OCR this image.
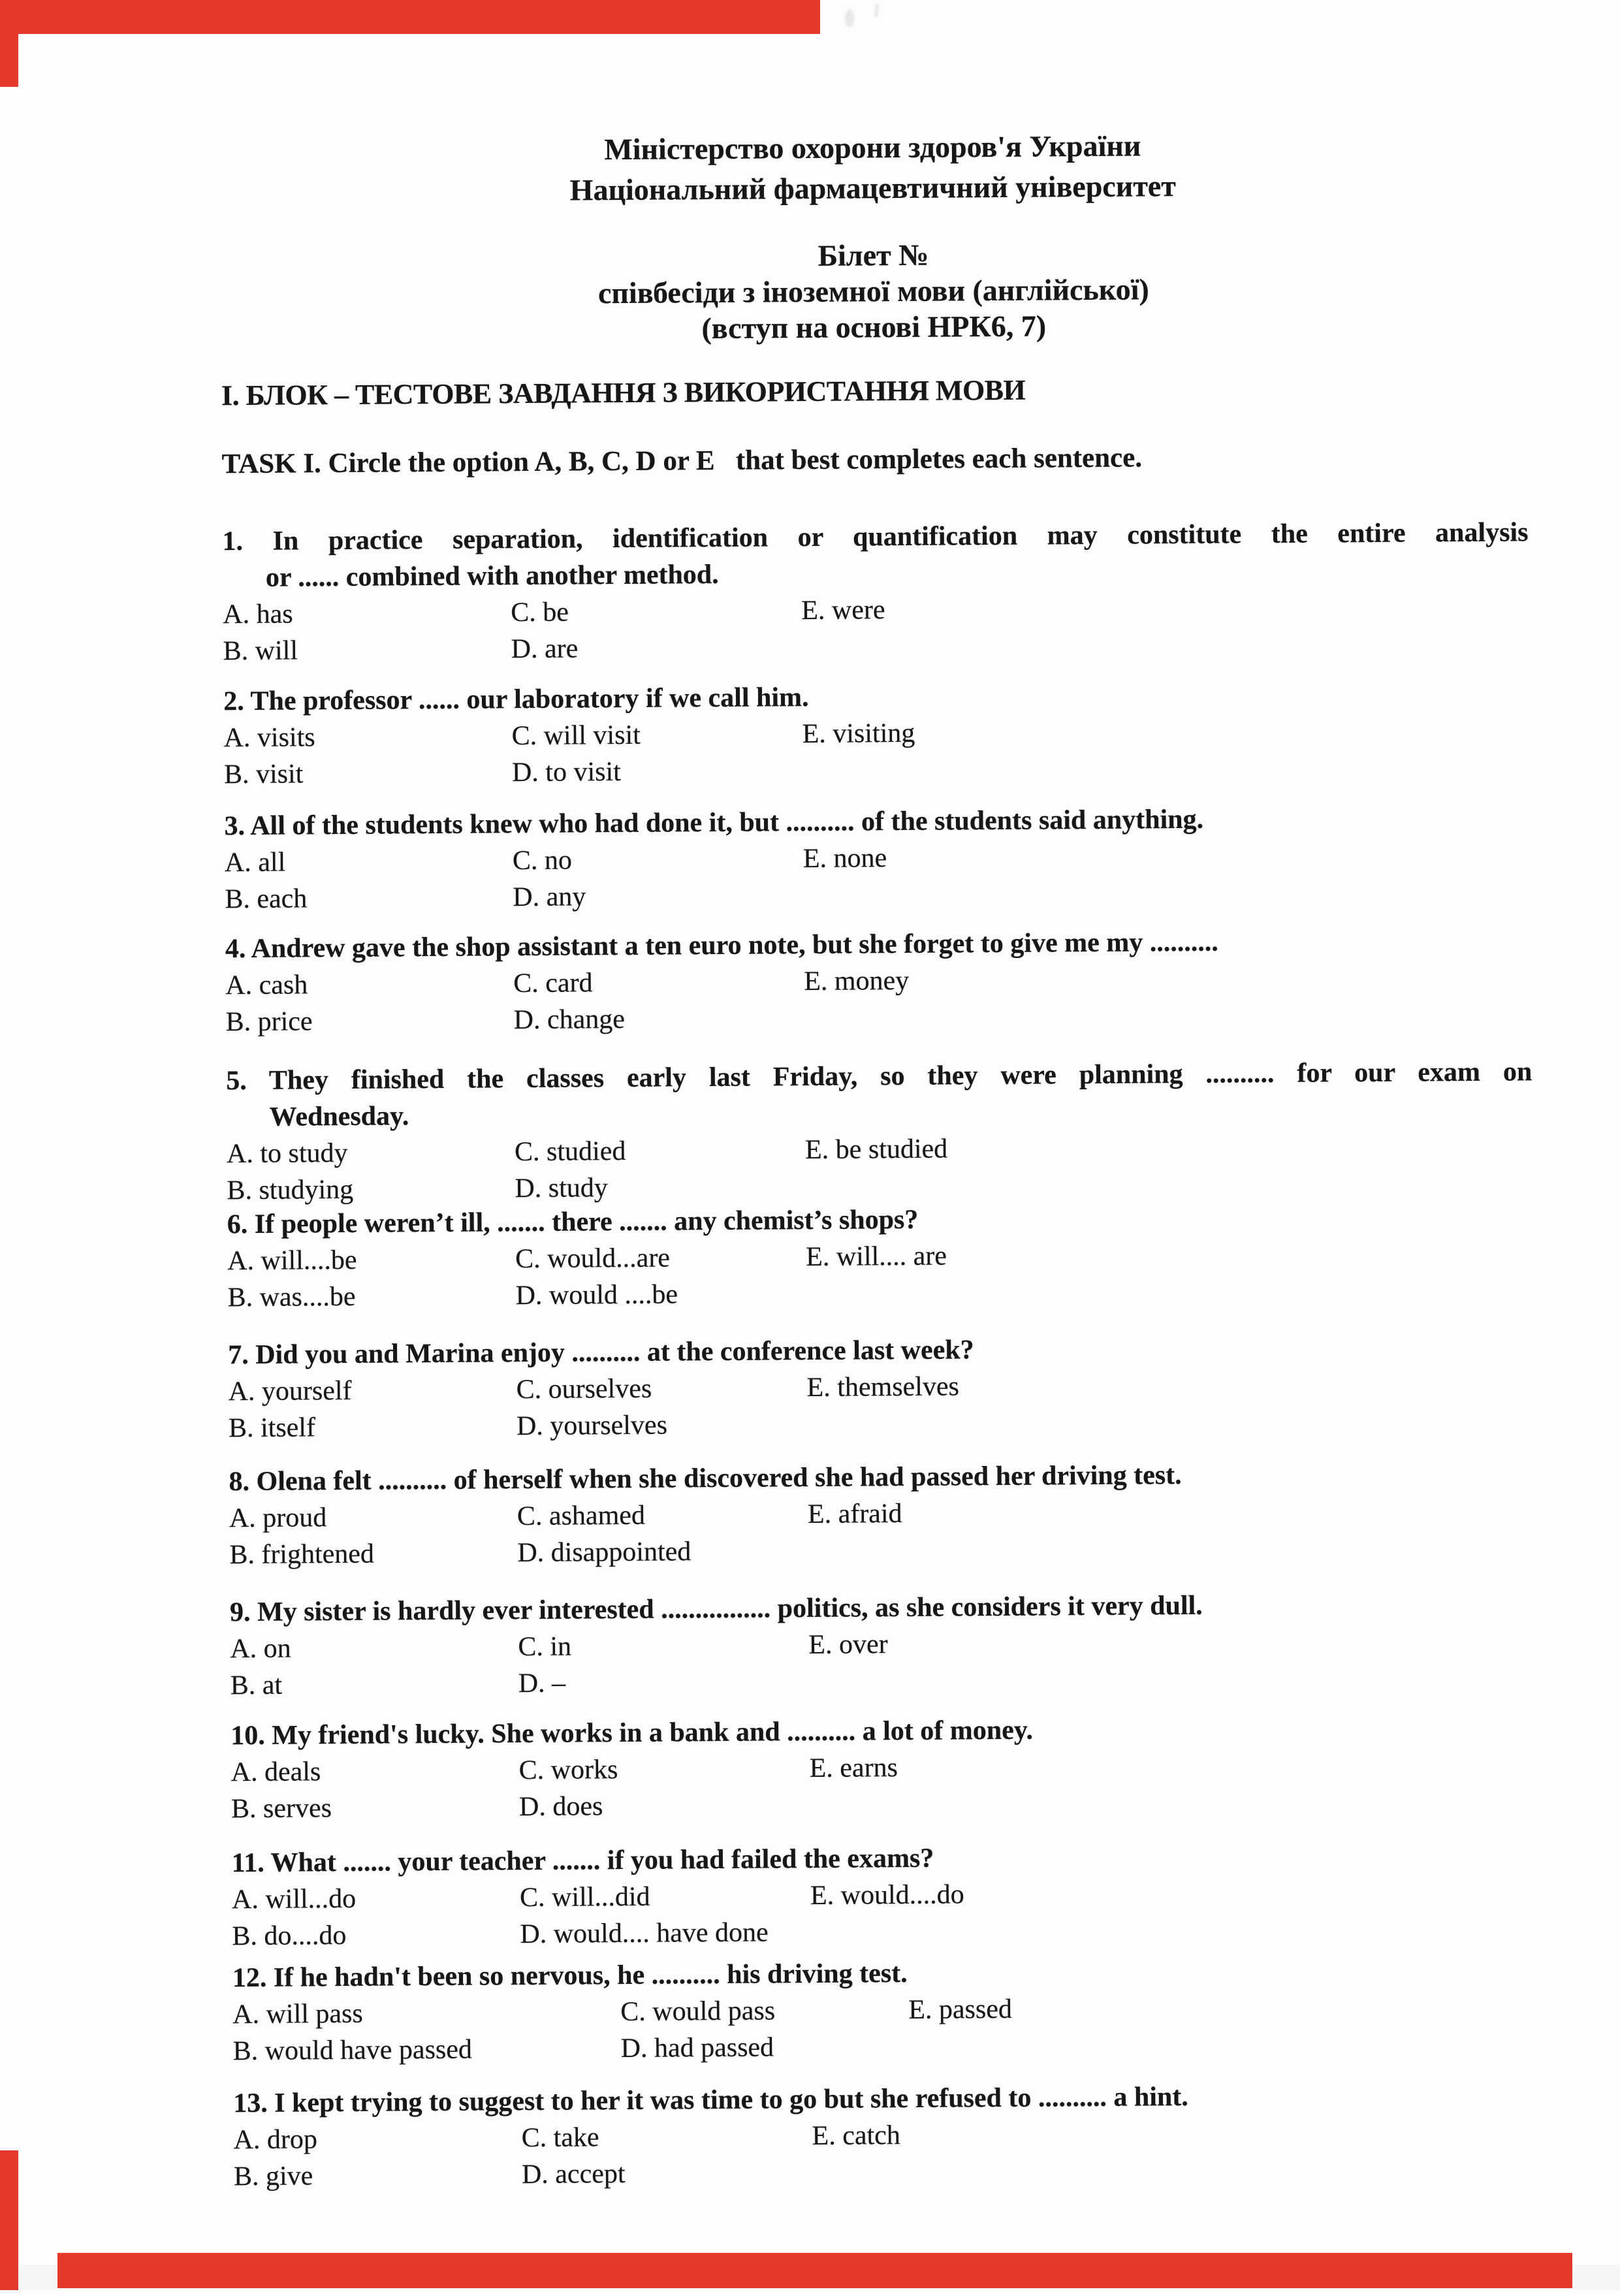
Міністерство охорони здоров'я України
Національний фармацевтичний університет
Білет №
співбесіди з іноземної мови (англійської)
(вступ на основі НРК6, 7)
І. БЛОК – ТЕСТОВЕ ЗАВДАННЯ З ВИКОРИСТАННЯ МОВИ
TASK I. Circle the option A, B, C, D or E   that best completes each sentence.
1. In practice separation, identification or quantification may constitute the entire analysis
or ...... combined with another method.
A. has	C. be	E. were
B. will	D. are
2. The professor ...... our laboratory if we call him.
A. visits	C. will visit	E. visiting
B. visit	D. to visit
3. All of the students knew who had done it, but .......... of the students said anything.
A. all	C. no	E. none
B. each	D. any
4. Andrew gave the shop assistant a ten euro note, but she forget to give me my ..........
A. cash	C. card	E. money
B. price	D. change
5. They finished the classes early last Friday, so they were planning .......... for our exam on
Wednesday.
A. to study	C. studied	E. be studied
B. studying	D. study
6. If people weren’t ill, ....... there ....... any chemist’s shops?
A. will....be	C. would...are	E. will.... are
B. was....be	D. would ....be
7. Did you and Marina enjoy .......... at the conference last week?
A. yourself	C. ourselves	E. themselves
B. itself	D. yourselves
8. Olena felt .......... of herself when she discovered she had passed her driving test.
A. proud	C. ashamed	E. afraid
B. frightened	D. disappointed
9. My sister is hardly ever interested ................ politics, as she considers it very dull.
A. on	C. in	E. over
B. at	D. –
10. My friend's lucky. She works in a bank and .......... a lot of money.
A. deals	C. works	E. earns
B. serves	D. does
11. What ....... your teacher ....... if you had failed the exams?
A. will...do	C. will...did	E. would....do
B. do....do	D. would.... have done
12. If he hadn't been so nervous, he .......... his driving test.
A. will pass	C. would pass	E. passed
B. would have passed	D. had passed
13. I kept trying to suggest to her it was time to go but she refused to .......... a hint.
A. drop	C. take	E. catch
B. give	D. accept
